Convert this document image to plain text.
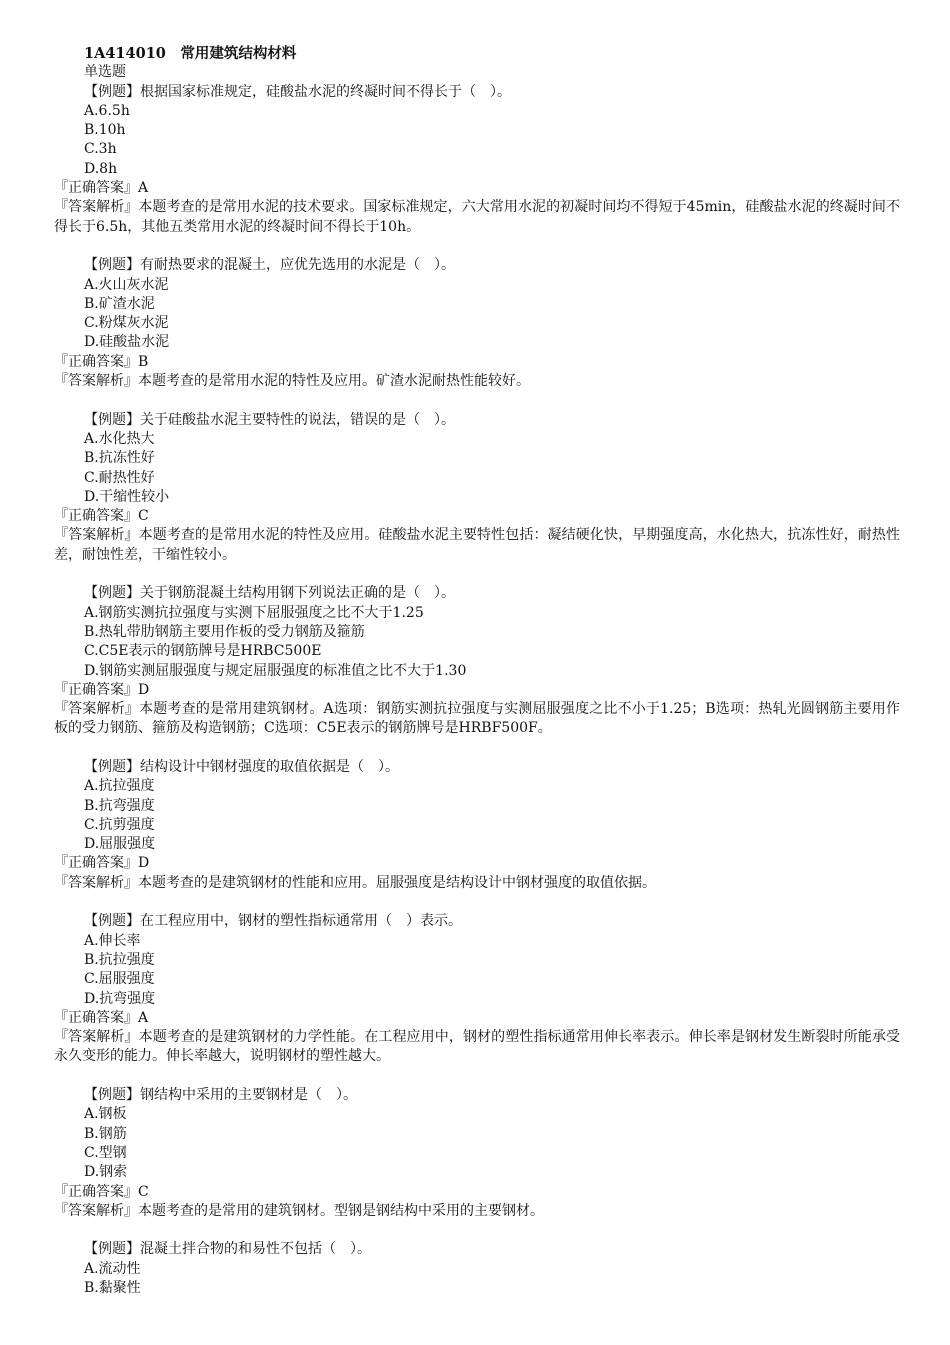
1A414010　常用建筑结构材料
单选题
【例题】根据国家标准规定，硅酸盐水泥的终凝时间不得长于（　）。
A.6.5h
B.10h
C.3h
D.8h
『正确答案』A
『答案解析』本题考查的是常用水泥的技术要求。国家标准规定，六大常用水泥的初凝时间均不得短于45min，硅酸盐水泥的终凝时间不得长于6.5h，其他五类常用水泥的终凝时间不得长于10h。
【例题】有耐热要求的混凝土，应优先选用的水泥是（　）。
A.火山灰水泥
B.矿渣水泥
C.粉煤灰水泥
D.硅酸盐水泥
『正确答案』B
『答案解析』本题考查的是常用水泥的特性及应用。矿渣水泥耐热性能较好。
【例题】关于硅酸盐水泥主要特性的说法，错误的是（　）。
A.水化热大
B.抗冻性好
C.耐热性好
D.干缩性较小
『正确答案』C
『答案解析』本题考查的是常用水泥的特性及应用。硅酸盐水泥主要特性包括：凝结硬化快，早期强度高，水化热大，抗冻性好，耐热性差，耐蚀性差，干缩性较小。
【例题】关于钢筋混凝土结构用钢下列说法正确的是（　）。
A.钢筋实测抗拉强度与实测下屈服强度之比不大于1.25
B.热轧带肋钢筋主要用作板的受力钢筋及箍筋
C.C5E表示的钢筋牌号是HRBC500E
D.钢筋实测屈服强度与规定屈服强度的标准值之比不大于1.30
『正确答案』D
『答案解析』本题考查的是常用建筑钢材。A选项：钢筋实测抗拉强度与实测屈服强度之比不小于1.25；B选项：热轧光圆钢筋主要用作板的受力钢筋、箍筋及构造钢筋；C选项：C5E表示的钢筋牌号是HRBF500F。
【例题】结构设计中钢材强度的取值依据是（　）。
A.抗拉强度
B.抗弯强度
C.抗剪强度
D.屈服强度
『正确答案』D
『答案解析』本题考查的是建筑钢材的性能和应用。屈服强度是结构设计中钢材强度的取值依据。
【例题】在工程应用中，钢材的塑性指标通常用（　）表示。
A.伸长率
B.抗拉强度
C.屈服强度
D.抗弯强度
『正确答案』A
『答案解析』本题考查的是建筑钢材的力学性能。在工程应用中，钢材的塑性指标通常用伸长率表示。伸长率是钢材发生断裂时所能承受永久变形的能力。伸长率越大，说明钢材的塑性越大。
【例题】钢结构中采用的主要钢材是（　）。
A.钢板
B.钢筋
C.型钢
D.钢索
『正确答案』C
『答案解析』本题考查的是常用的建筑钢材。型钢是钢结构中采用的主要钢材。
【例题】混凝土拌合物的和易性不包括（　）。
A.流动性
B.黏聚性
